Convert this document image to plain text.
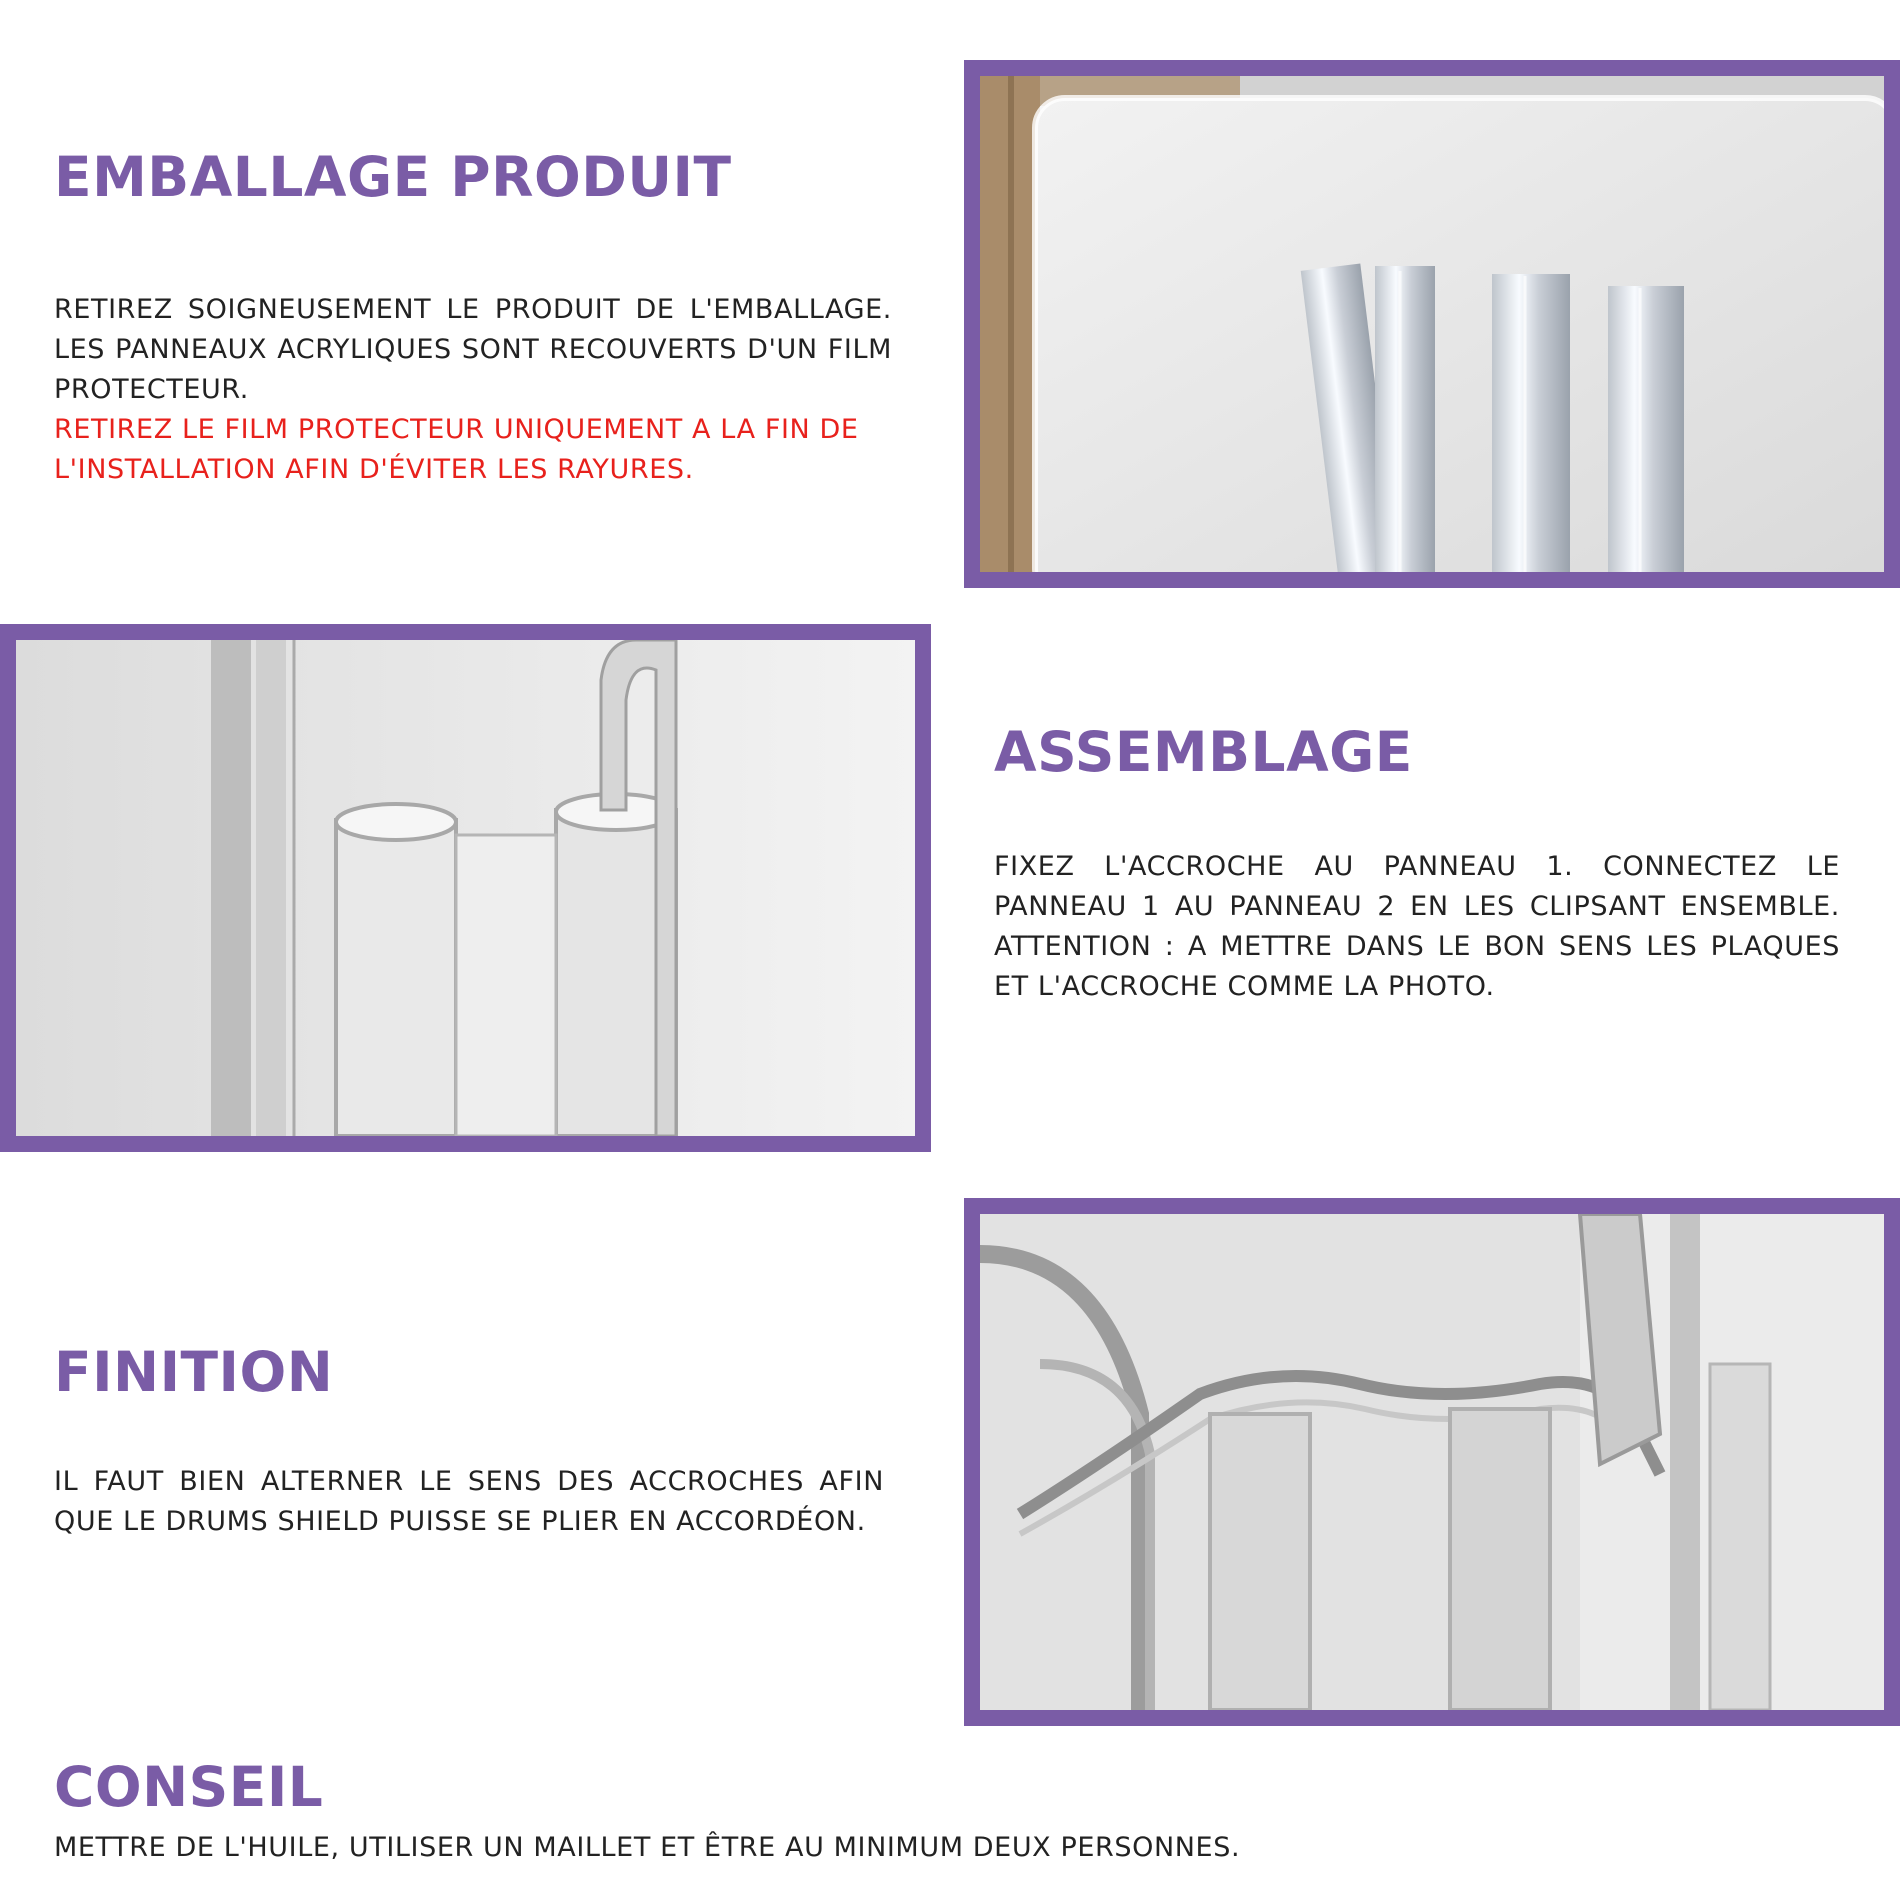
EMBALLAGE PRODUIT

RETIREZ SOIGNEUSEMENT LE PRODUIT DE L'EMBALLAGE. LES PANNEAUX ACRYLIQUES SONT RECOUVERTS D'UN FILM PROTECTEUR.

RETIREZ LE FILM PROTECTEUR UNIQUEMENT A LA FIN DE L'INSTALLATION AFIN D'ÉVITER LES RAYURES.

ASSEMBLAGE

FIXEZ L'ACCROCHE AU PANNEAU 1. CONNECTEZ LE PANNEAU 1 AU PANNEAU 2 EN LES CLIPSANT ENSEMBLE. ATTENTION : A METTRE DANS LE BON SENS LES PLAQUES ET L'ACCROCHE COMME LA PHOTO.

FINITION

IL FAUT BIEN ALTERNER LE SENS DES ACCROCHES AFIN QUE LE DRUMS SHIELD PUISSE SE PLIER EN ACCORDÉON.

CONSEIL

METTRE DE L'HUILE, UTILISER UN MAILLET ET ÊTRE AU MINIMUM DEUX PERSONNES.
